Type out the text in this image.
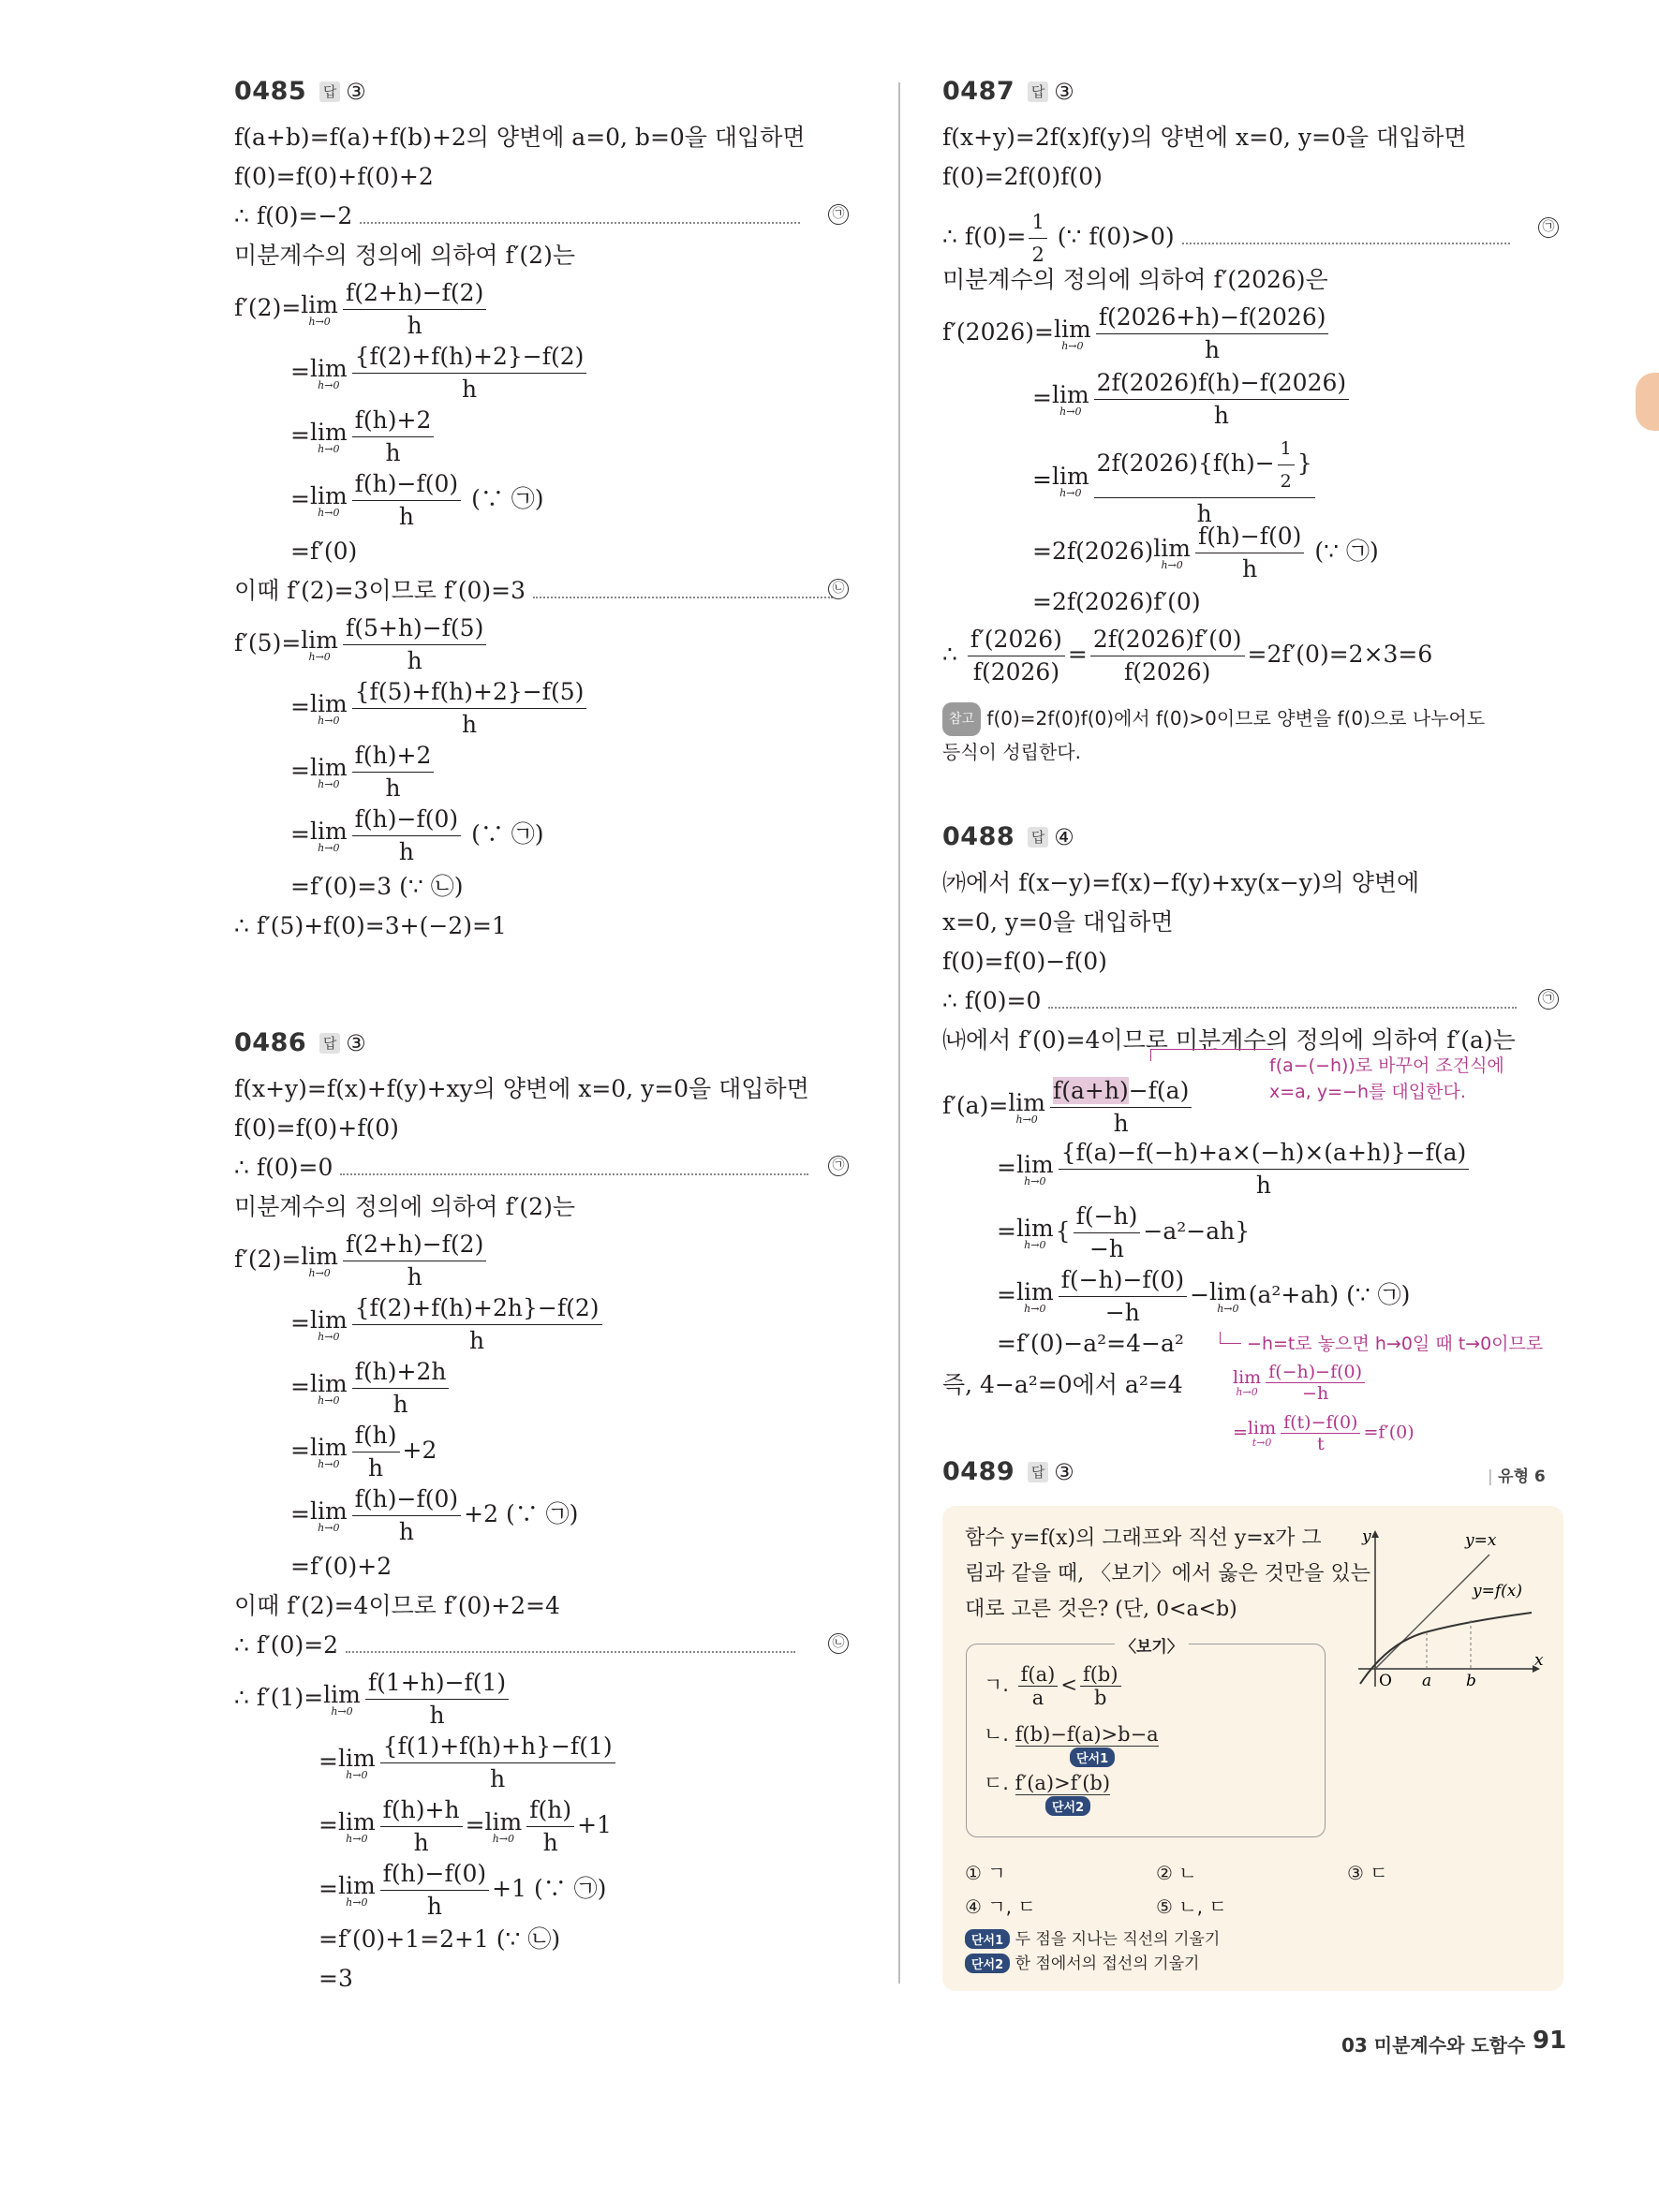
0485 답 ③
f(a+b)=f(a)+f(b)+2의 양변에 a=0, b=0을 대입하면
f(0)=f(0)+f(0)+2
∴ f(0)=−2	㉠
미분계수의 정의에 의하여 f′(2)는
f′(2)= lim
$h\to 0 \frac{f(2+h)-f(2)}{h}$
= lim
$h\to 0 \frac{\{f(2)+f(h)+2\}-f(2)}{h}$
= lim
$h\to 0 \frac{f(h)+2}{h}$
= lim
$h\to 0 \frac{f(h)-f(0)}{h}$ (∵ ㉠)
=f′(0)
이때 f′(2)=3이므로 f′(0)=3	㉡
f′(5)= lim
$h\to 0 \frac{f(5+h)-f(5)}{h}$
= lim
$h\to 0 \frac{\{f(5)+f(h)+2\}-f(5)}{h}$
= lim
$h\to 0 \frac{f(h)+2}{h}$
= lim
$h\to 0 \frac{f(h)-f(0)}{h}$ (∵ ㉠)
=f′(0)=3 (∵ ㉡)
∴ f′(5)+f(0)=3+(−2)=1
0486 답 ③
f(x+y)=f(x)+f(y)+xy의 양변에 x=0, y=0을 대입하면
f(0)=f(0)+f(0)
∴ f(0)=0	㉠
미분계수의 정의에 의하여 f′(2)는
f′(2)= lim
$h\to 0 \frac{f(2+h)-f(2)}{h}$
= lim
$h\to 0 \frac{\{f(2)+f(h)+2h\}-f(2)}{h}$
= lim
$h\to 0 \frac{f(h)+2h}{h}$
= lim
$h\to 0 \frac{f(h)}{h} +2$
= lim
$h\to 0 \frac{f(h)-f(0)}{h} +2$ (∵ ㉠)
=f′(0)+2
이때 f′(2)=4이므로 f′(0)+2=4
∴ f′(0)=2	㉡
∴ f′(1)= lim
$h\to 0 \frac{f(1+h)-f(1)}{h}$
= lim
$h\to 0 \frac{\{f(1)+f(h)+h\}-f(1)}{h}$
= lim
$h\to 0 \frac{f(h)+h}{h} = \lim$
$h\to 0 \frac{f(h)}{h} +1$
= lim
$h\to 0 \frac{f(h)-f(0)}{h} +1$ (∵ ㉠)
=f′(0)+1=2+1 (∵ ㉡)
=3
0487 답 ③
f(x+y)=2f(x)f(y)의 양변에 x=0, y=0을 대입하면
f(0)=2f(0)f(0)
∴ $f(0)= \frac{1}{2}$ (∵ f(0)>0)	㉠
미분계수의 정의에 의하여 f′(2026)은
f′(2026)= lim
$h\to 0 \frac{f(2026+h)-f(2026)}{h}$
= lim
$h\to 0 \frac{2f(2026)f(h)-f(2026)}{h}$
= lim
$h\to 0 \frac{2f(2026)\{f(h)- \frac{1}{2} \}}{h}$
=2f(2026) lim
$h\to 0 \frac{f(h)-f(0)}{h}$ (∵ ㉠)
=2f(2026)f′(0)
∴ $\frac{f'(2026)}{f(2026)} = \frac{2f(2026)f'(0)}{f(2026)} =2f'(0)=2\times 3=6$
참고 f(0)=2f(0)f(0)에서 f(0)>0이므로 양변을 f(0)으로 나누어도
등식이 성립한다.
0488 답 ④
㈎에서 f(x−y)=f(x)−f(y)+xy(x−y)의 양변에
x=0, y=0을 대입하면
f(0)=f(0)−f(0)
∴ f(0)=0	㉠
㈏에서 f′(0)=4이므로 미분계수의 정의에 의하여 f′(a)는
f(a−(−h))로 바꾸어 조건식에
x=a, y=−h를 대입한다.
f′(a)= lim
$h\to 0 \frac{f(a+h)-f(a)}{h}$
= lim
$h\to 0 \frac{\{f(a)-f(-h)+a\times(-h)\times(a+h)\}-f(a)}{h}$
= lim
h→0 { $\frac{f(-h)}{-h} -a^2-ah$}
= lim
$h\to 0 \frac{f(-h)-f(0)}{-h} - \lim$
h→0 (a²+ah) (∵ ㉠)
=f′(0)−a²=4−a²	−h=t로 놓으면 h→0일 때 t→0이므로
즉, 4−a²=0에서 a²=4	lim
$h\to 0 \frac{f(-h)-f(0)}{-h}$
= lim
$t\to 0 \frac{f(t)-f(0)}{t} =f'(0)$
0489 답 ③	| 유형 6
함수 y=f(x)의 그래프와 직선 y=x가 그
림과 같을 때, 〈보기〉에서 옳은 것만을 있는
대로 고른 것은? (단, 0<a<b)
y
x
O a b
y=x
y=f(x)
〈보기〉
ㄱ. $\frac{f(a)}{a} < \frac{f(b)}{b}$
ㄴ. f(b)−f(a)>b−a
단서1
ㄷ. f′(a)>f′(b)
단서2
① ㄱ	② ㄴ	③ ㄷ
④ ㄱ, ㄷ	⑤ ㄴ, ㄷ
단서1 두 점을 지나는 직선의 기울기
단서2 한 점에서의 접선의 기울기
03 미분계수와 도함수 91
